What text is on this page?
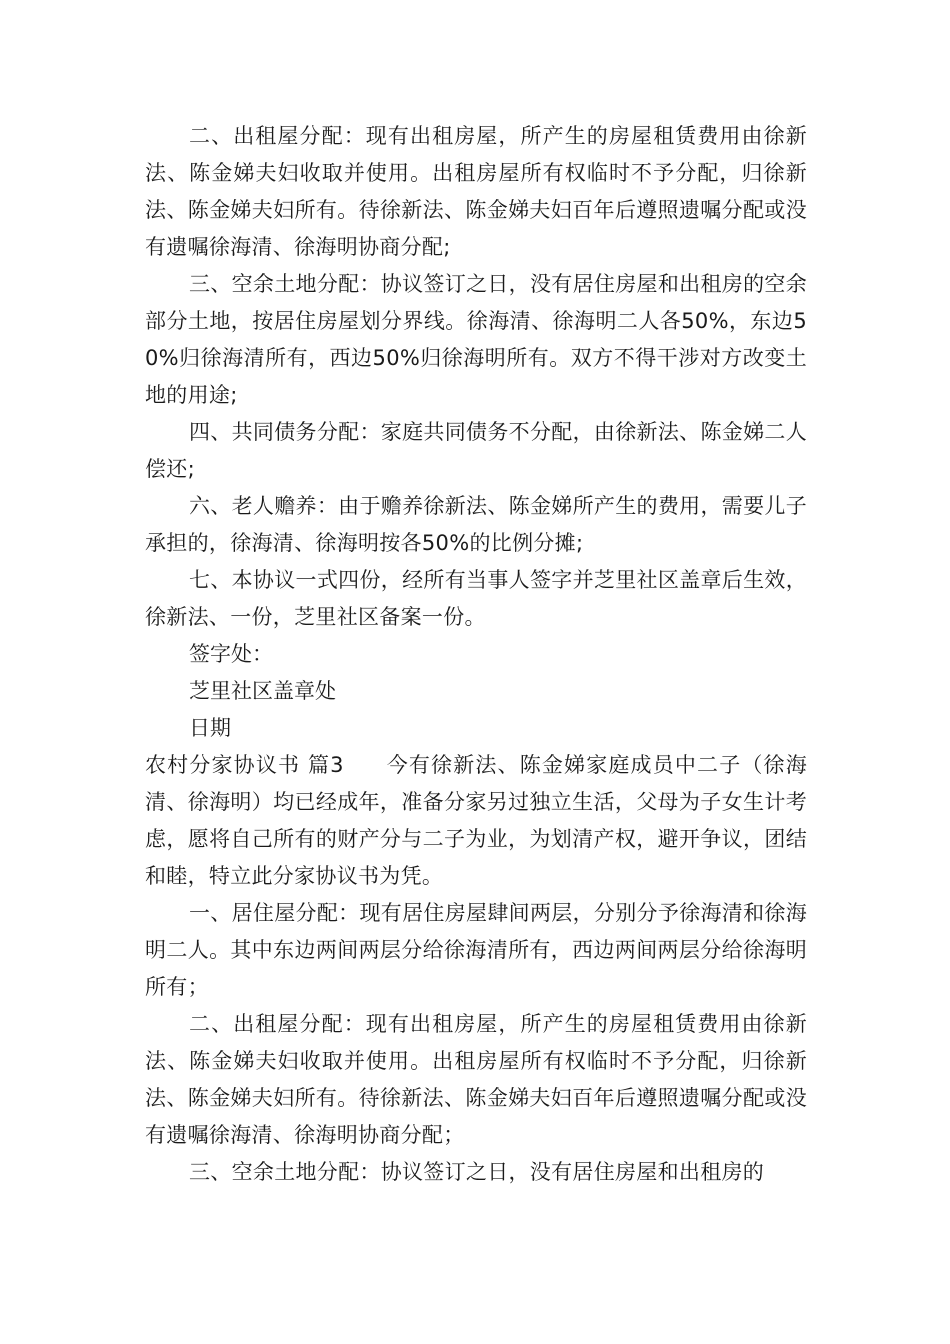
二、出租屋分配：现有出租房屋，所产生的房屋租赁费用由徐新法、陈金娣夫妇收取并使用。出租房屋所有权临时不予分配，归徐新法、陈金娣夫妇所有。待徐新法、陈金娣夫妇百年后遵照遗嘱分配或没有遗嘱徐海清、徐海明协商分配;

三、空余土地分配：协议签订之日，没有居住房屋和出租房的空余部分土地，按居住房屋划分界线。徐海清、徐海明二人各50%，东边50%归徐海清所有，西边50%归徐海明所有。双方不得干涉对方改变土地的用途;

四、共同债务分配：家庭共同债务不分配，由徐新法、陈金娣二人偿还;

六、老人赡养：由于赡养徐新法、陈金娣所产生的费用，需要儿子承担的，徐海清、徐海明按各50%的比例分摊;

七、本协议一式四份，经所有当事人签字并芝里社区盖章后生效，徐新法、一份，芝里社区备案一份。

签字处：

芝里社区盖章处

日期

农村分家协议书 篇3 今有徐新法、陈金娣家庭成员中二子（徐海清、徐海明）均已经成年，准备分家另过独立生活，父母为子女生计考虑，愿将自己所有的财产分与二子为业，为划清产权，避开争议，团结和睦，特立此分家协议书为凭。

一、居住屋分配：现有居住房屋肆间两层，分别分予徐海清和徐海明二人。其中东边两间两层分给徐海清所有，西边两间两层分给徐海明所有；

二、出租屋分配：现有出租房屋，所产生的房屋租赁费用由徐新法、陈金娣夫妇收取并使用。出租房屋所有权临时不予分配，归徐新法、陈金娣夫妇所有。待徐新法、陈金娣夫妇百年后遵照遗嘱分配或没有遗嘱徐海清、徐海明协商分配；

三、空余土地分配：协议签订之日，没有居住房屋和出租房的
